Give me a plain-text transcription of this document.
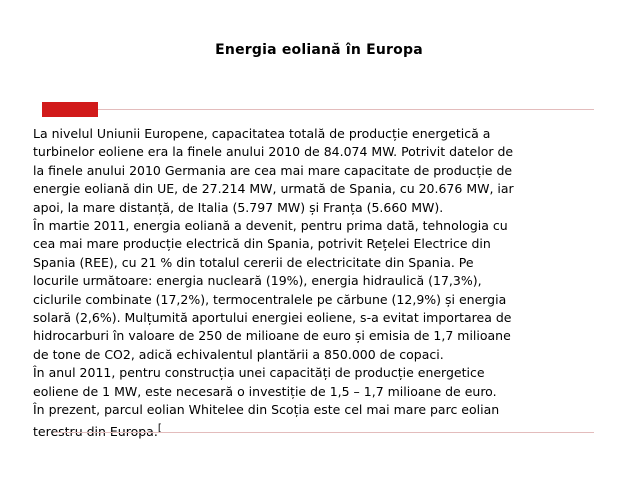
Energia eoliană în Europa

La nivelul Uniunii Europene, capacitatea totală de producție energetică a

turbinelor eoliene era la finele anului 2010 de 84.074 MW. Potrivit datelor de

la finele anului 2010 Germania are cea mai mare capacitate de producție de

energie eoliană din UE, de 27.214 MW, urmată de Spania, cu 20.676 MW, iar

apoi, la mare distanță, de Italia (5.797 MW) și Franța (5.660 MW).

În martie 2011, energia eoliană a devenit, pentru prima dată, tehnologia cu

cea mai mare producție electrică din Spania, potrivit Rețelei Electrice din

Spania (REE), cu 21 % din totalul cererii de electricitate din Spania. Pe

locurile următoare: energia nucleară (19%), energia hidraulică (17,3%),

ciclurile combinate (17,2%), termocentralele pe cărbune (12,9%) și energia

solară (2,6%). Mulțumită aportului energiei eoliene, s-a evitat importarea de

hidrocarburi în valoare de 250 de milioane de euro și emisia de 1,7 milioane

de tone de CO2, adică echivalentul plantării a 850.000 de copaci.

În anul 2011, pentru construcția unei capacități de producție energetice

eoliene de 1 MW, este necesară o investiție de 1,5 – 1,7 milioane de euro.

În prezent, parcul eolian Whitelee din Scoția este cel mai mare parc eolian

terestru din Europa.[
